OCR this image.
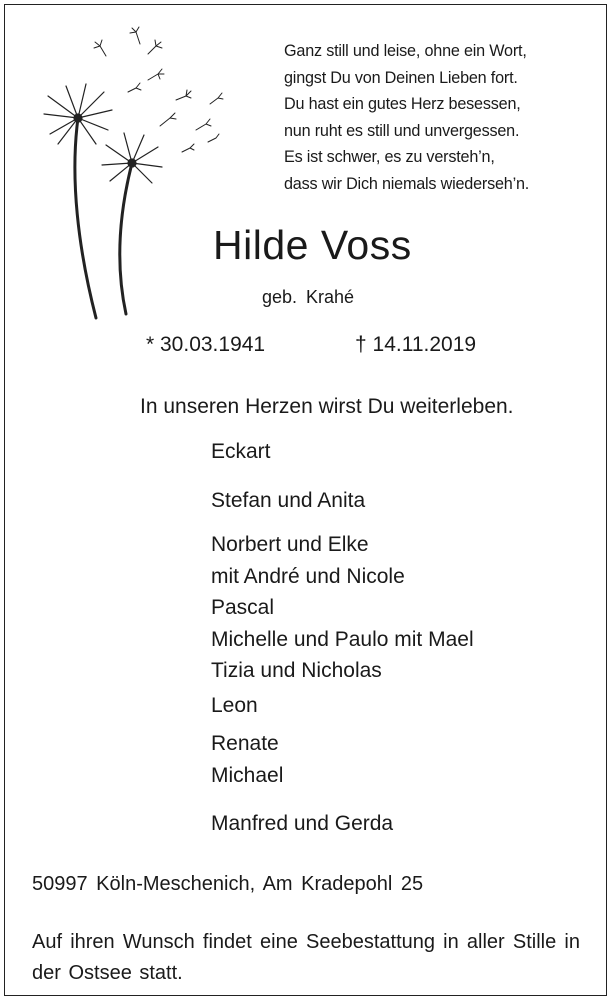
Ganz still und leise, ohne ein Wort,
gingst Du von Deinen Lieben fort.
Du hast ein gutes Herz besessen,
nun ruht es still und unvergessen.
Es ist schwer, es zu versteh’n,
dass wir Dich niemals wiederseh’n.
Hilde Voss
geb. Krahé
* 30.03.1941	† 14.11.2019
In unseren Herzen wirst Du weiterleben.
Eckart
Stefan und Anita
Norbert und Elke
mit André und Nicole
Pascal
Michelle und Paulo mit Mael
Tizia und Nicholas
Leon
Renate
Michael
Manfred und Gerda
50997 Köln-Meschenich, Am Kradepohl 25
Auf ihren Wunsch findet eine Seebestattung in aller Stille in der Ostsee statt.
